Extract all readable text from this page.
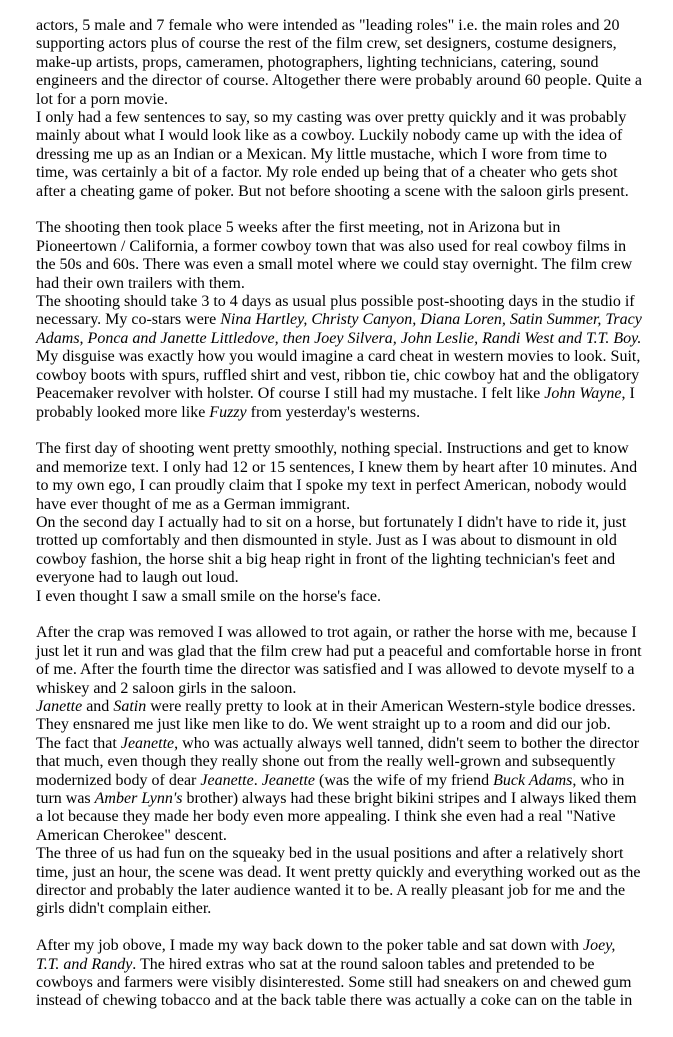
actors, 5 male and 7 female who were intended as "leading roles" i.e. the main roles and 20 supporting actors plus of course the rest of the film crew, set designers, costume designers, make-up artists, props, cameramen, photographers, lighting technicians, catering, sound engineers and the director of course. Altogether there were probably around 60 people. Quite a lot for a porn movie.
I only had a few sentences to say, so my casting was over pretty quickly and it was probably mainly about what I would look like as a cowboy. Luckily nobody came up with the idea of dressing me up as an Indian or a Mexican. My little mustache, which I wore from time to time, was certainly a bit of a factor. My role ended up being that of a cheater who gets shot after a cheating game of poker. But not before shooting a scene with the saloon girls present.
The shooting then took place 5 weeks after the first meeting, not in Arizona but in Pioneertown / California, a former cowboy town that was also used for real cowboy films in the 50s and 60s. There was even a small motel where we could stay overnight. The film crew had their own trailers with them.
The shooting should take 3 to 4 days as usual plus possible post-shooting days in the studio if necessary. My co-stars were Nina Hartley, Christy Canyon, Diana Loren, Satin Summer, Tracy Adams, Ponca and Janette Littledove, then Joey Silvera, John Leslie, Randi West and T.T. Boy.
My disguise was exactly how you would imagine a card cheat in western movies to look. Suit, cowboy boots with spurs, ruffled shirt and vest, ribbon tie, chic cowboy hat and the obligatory Peacemaker revolver with holster. Of course I still had my mustache. I felt like John Wayne, I probably looked more like Fuzzy from yesterday's westerns.
The first day of shooting went pretty smoothly, nothing special. Instructions and get to know and memorize text. I only had 12 or 15 sentences, I knew them by heart after 10 minutes. And to my own ego, I can proudly claim that I spoke my text in perfect American, nobody would have ever thought of me as a German immigrant.
On the second day I actually had to sit on a horse, but fortunately I didn't have to ride it, just trotted up comfortably and then dismounted in style. Just as I was about to dismount in old cowboy fashion, the horse shit a big heap right in front of the lighting technician's feet and everyone had to laugh out loud.
I even thought I saw a small smile on the horse's face.
After the crap was removed I was allowed to trot again, or rather the horse with me, because I just let it run and was glad that the film crew had put a peaceful and comfortable horse in front of me. After the fourth time the director was satisfied and I was allowed to devote myself to a whiskey and 2 saloon girls in the saloon.
Janette and Satin were really pretty to look at in their American Western-style bodice dresses. They ensnared me just like men like to do. We went straight up to a room and did our job.
The fact that Jeanette, who was actually always well tanned, didn't seem to bother the director that much, even though they really shone out from the really well-grown and subsequently modernized body of dear Jeanette. Jeanette (was the wife of my friend Buck Adams, who in turn was Amber Lynn's brother) always had these bright bikini stripes and I always liked them a lot because they made her body even more appealing. I think she even had a real "Native American Cherokee" descent.
The three of us had fun on the squeaky bed in the usual positions and after a relatively short time, just an hour, the scene was dead. It went pretty quickly and everything worked out as the director and probably the later audience wanted it to be. A really pleasant job for me and the girls didn't complain either.
After my job obove, I made my way back down to the poker table and sat down with Joey, T.T. and Randy. The hired extras who sat at the round saloon tables and pretended to be cowboys and farmers were visibly disinterested. Some still had sneakers on and chewed gum instead of chewing tobacco and at the back table there was actually a coke can on the table in
